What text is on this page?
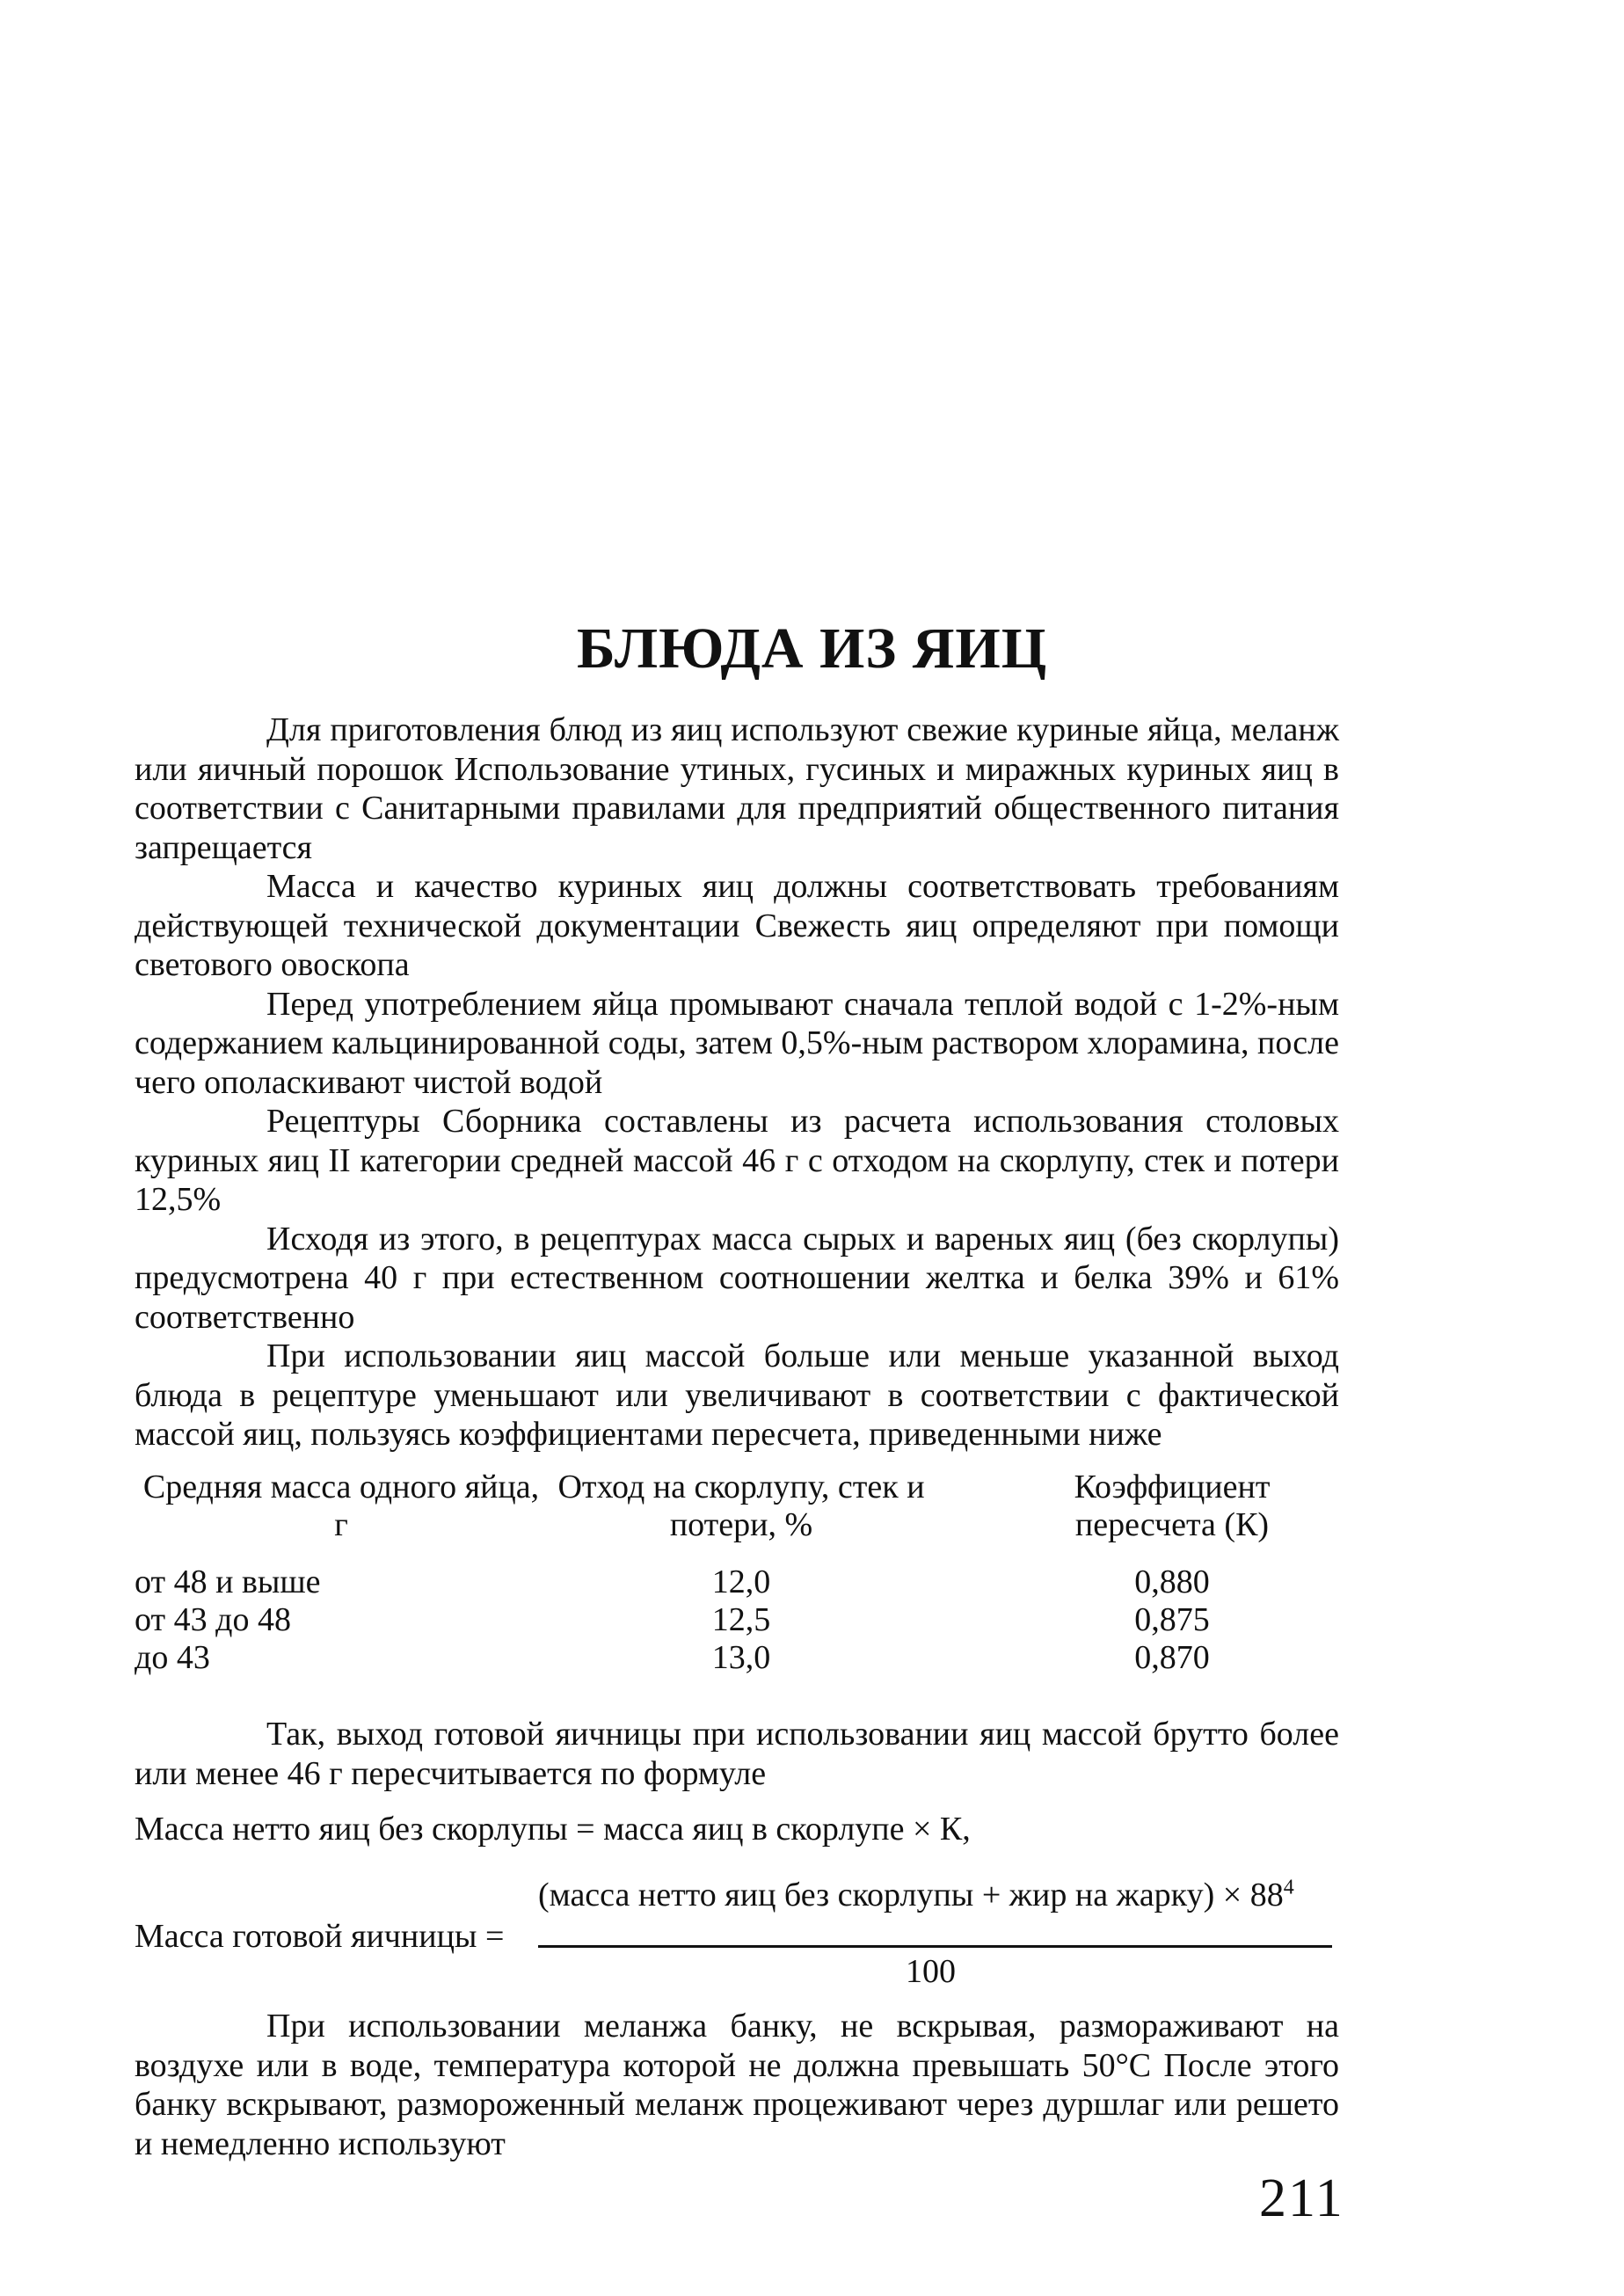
БЛЮДА ИЗ ЯИЦ

Для приготовления блюд из яиц используют свежие куриные яйца, меланж или яичный порошок Использование утиных, гусиных и миражных куриных яиц в соответствии с Санитарными правилами для предприятий общественного питания запрещается

Масса и качество куриных яиц должны соответствовать требованиям действующей технической документации Свежесть яиц определяют при помощи светового овоскопа

Перед употреблением яйца промывают сначала теплой водой с 1-2%-ным содержанием кальцинированной соды, затем 0,5%-ным раствором хлорамина, после чего ополаскивают чистой водой

Рецептуры Сборника составлены из расчета использования столовых куриных яиц II категории средней массой 46 г с отходом на скорлупу, стек и потери 12,5%

Исходя из этого, в рецептурах масса сырых и вареных яиц (без скорлупы) предусмотрена 40 г при естественном соотношении желтка и белка 39% и 61% соответственно

При использовании яиц массой больше или меньше указанной выход блюда в рецептуре уменьшают или увеличивают в соответствии с фактической массой яиц, пользуясь коэффициентами пересчета, приведенными ниже

Средняя масса одного яйца, г	Отход на скорлупу, стек и потери, %	Коэффициент пересчета (К)
от 48 и выше	12,0	0,880
от 43 до 48	12,5	0,875
до 43	13,0	0,870

Так, выход готовой яичницы при использовании яиц массой брутто более или менее 46 г пересчитывается по формуле

Масса нетто яиц без скорлупы = масса яиц в скорлупе × К,
(масса нетто яиц без скорлупы + жир на жарку) × $88^4$
Масса готовой яичницы =
100

При использовании меланжа банку, не вскрывая, размораживают на воздухе или в воде, температура которой не должна превышать 50°С После этого банку вскрывают, размороженный меланж процеживают через дуршлаг или решето и немедленно используют

211
